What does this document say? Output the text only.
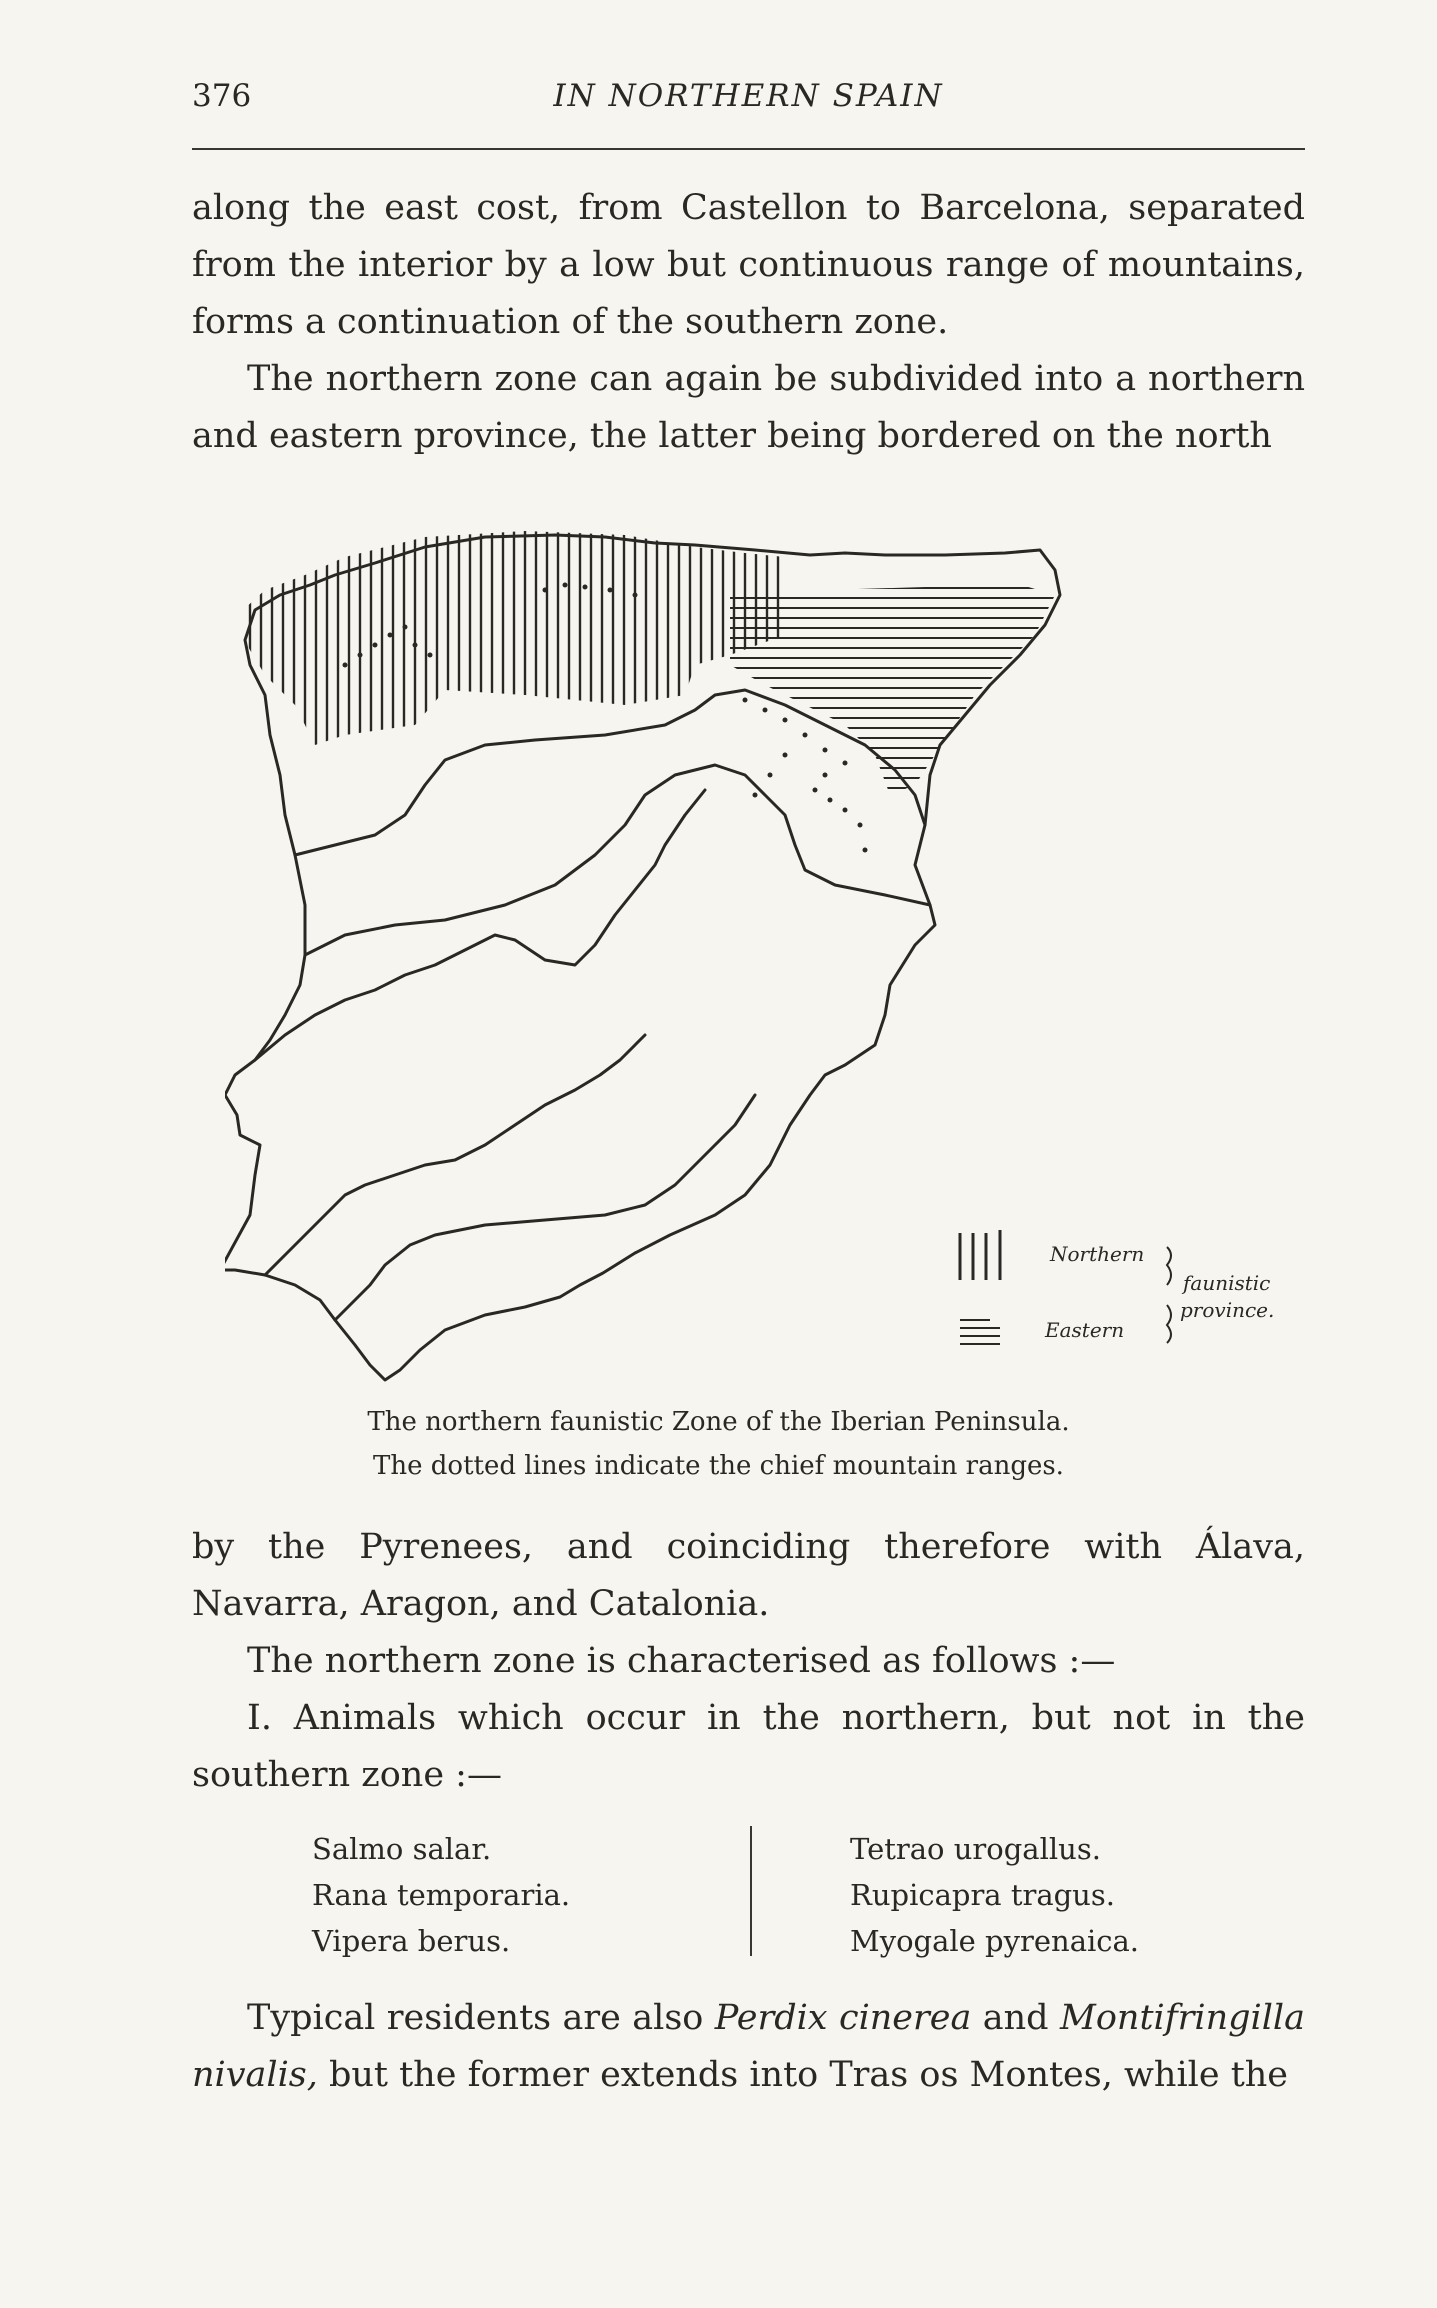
376	IN NORTHERN SPAIN

along the east cost, from Castellon to Barcelona, separated from the interior by a low but continuous range of mountains, forms a continuation of the southern zone.

The northern zone can again be subdivided into a northern and eastern province, the latter being bordered on the north

Northern
Eastern
faunistic
province.
The northern faunistic Zone of the Iberian Peninsula.
The dotted lines indicate the chief mountain ranges.

by the Pyrenees, and coinciding therefore with Álava, Navarra, Aragon, and Catalonia.

The northern zone is characterised as follows :—

I. Animals which occur in the northern, but not in the southern zone :—

Salmo salar.
Rana temporaria.
Vipera berus.
Tetrao urogallus.
Rupicapra tragus.
Myogale pyrenaica.

Typical residents are also Perdix cinerea and Montifringilla nivalis, but the former extends into Tras os Montes, while the
